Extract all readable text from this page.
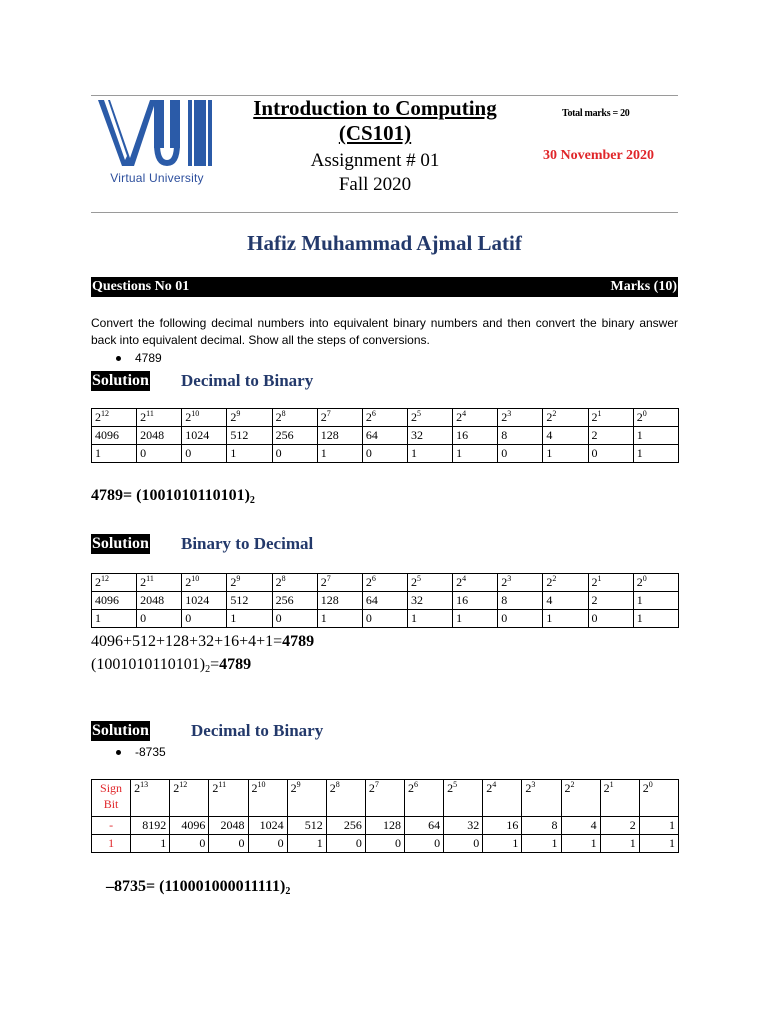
Virtual University
Introduction to Computing
(CS101)
Assignment # 01
Fall 2020
Total marks = 20
30 November 2020
Hafiz Muhammad Ajmal Latif
Questions No 01	Marks (10)
Convert the following decimal numbers into equivalent binary numbers and then convert the binary answer back into equivalent decimal. Show all the steps of conversions.
4789
Solution Decimal to Binary
$2^{12}$	$2^{11}$	$2^{10}$	$2^9$	$2^8$	$2^7$	$2^6$	$2^5$	$2^4$	$2^3$	$2^2$	$2^1$	$2^0$
4096	2048	1024	512	256	128	64	32	16	8	4	2	1
1	0	0	1	0	1	0	1	1	0	1	0	1
$4789= (1001010110101)_2$
Solution Binary to Decimal
$2^{12}$	$2^{11}$	$2^{10}$	$2^9$	$2^8$	$2^7$	$2^6$	$2^5$	$2^4$	$2^3$	$2^2$	$2^1$	$2^0$
4096	2048	1024	512	256	128	64	32	16	8	4	2	1
1	0	0	1	0	1	0	1	1	0	1	0	1
4096+512+128+32+16+4+1=4789
$(1001010110101)_2=4789$
Solution Decimal to Binary
-8735
Sign
Bit	$2^{13}$	$2^{12}$	$2^{11}$	$2^{10}$	$2^9$	$2^8$	$2^7$	$2^6$	$2^5$	$2^4$	$2^3$	$2^2$	$2^1$	$2^0$
-	8192	4096	2048	1024	512	256	128	64	32	16	8	4	2	1
1	1	0	0	0	1	0	0	0	0	1	1	1	1	1
$-8735= (110001000011111)_2$
